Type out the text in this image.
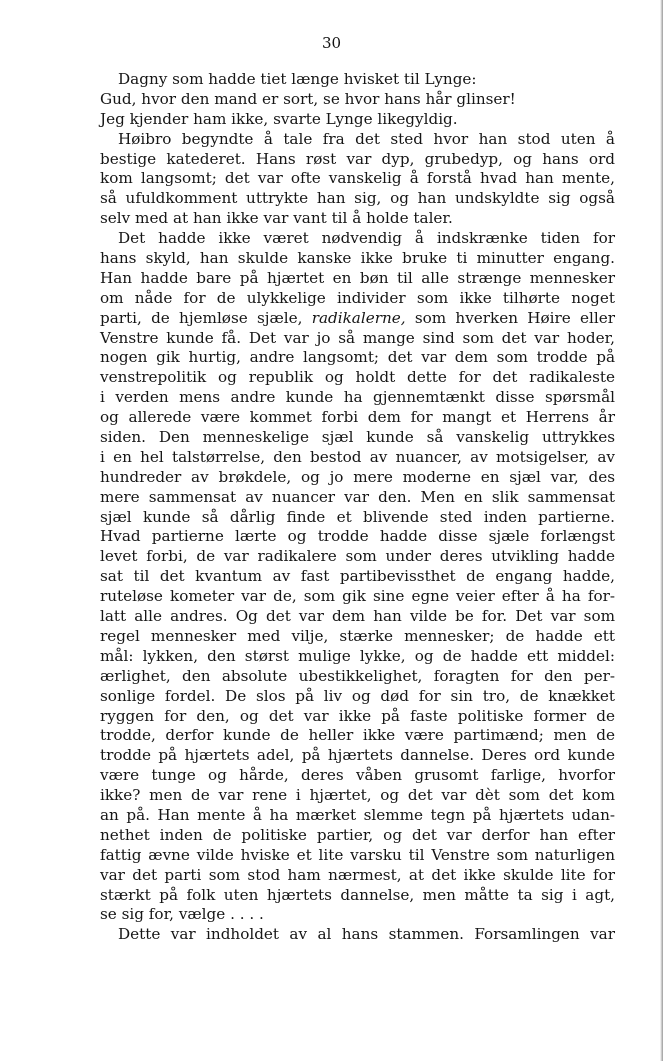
30
Dagny som hadde tiet længe hvisket til Lynge:
Gud, hvor den mand er sort, se hvor hans hår glinser!
Jeg kjender ham ikke, svarte Lynge likegyldig.
Høibro begyndte å tale fra det sted hvor han stod uten å
bestige katederet. Hans røst var dyp, grubedyp, og hans ord
kom langsomt; det var ofte vanskelig å forstå hvad han mente,
så ufuldkomment uttrykte han sig, og han undskyldte sig også
selv med at han ikke var vant til å holde taler.
Det hadde ikke været nødvendig å indskrænke tiden for
hans skyld, han skulde kanske ikke bruke ti minutter engang.
Han hadde bare på hjærtet en bøn til alle strænge mennesker
om nåde for de ulykkelige individer som ikke tilhørte noget
parti, de hjemløse sjæle, radikalerne, som hverken Høire eller
Venstre kunde få. Det var jo så mange sind som det var hoder,
nogen gik hurtig, andre langsomt; det var dem som trodde på
venstrepolitik og republik og holdt dette for det radikaleste
i verden mens andre kunde ha gjennemtænkt disse spørsmål
og allerede være kommet forbi dem for mangt et Herrens år
siden. Den menneskelige sjæl kunde så vanskelig uttrykkes
i en hel talstørrelse, den bestod av nuancer, av motsigelser, av
hundreder av brøkdele, og jo mere moderne en sjæl var, des
mere sammensat av nuancer var den. Men en slik sammensat
sjæl kunde så dårlig finde et blivende sted inden partierne.
Hvad partierne lærte og trodde hadde disse sjæle forlængst
levet forbi, de var radikalere som under deres utvikling hadde
sat til det kvantum av fast partibevissthet de engang hadde,
ruteløse kometer var de, som gik sine egne veier efter å ha for-
latt alle andres. Og det var dem han vilde be for. Det var som
regel mennesker med vilje, stærke mennesker; de hadde ett
mål: lykken, den størst mulige lykke, og de hadde ett middel:
ærlighet, den absolute ubestikkelighet, foragten for den per-
sonlige fordel. De slos på liv og død for sin tro, de knækket
ryggen for den, og det var ikke på faste politiske former de
trodde, derfor kunde de heller ikke være partimænd; men de
trodde på hjærtets adel, på hjærtets dannelse. Deres ord kunde
være tunge og hårde, deres våben grusomt farlige, hvorfor
ikke? men de var rene i hjærtet, og det var dèt som det kom
an på. Han mente å ha mærket slemme tegn på hjærtets udan-
nethet inden de politiske partier, og det var derfor han efter
fattig ævne vilde hviske et lite varsku til Venstre som naturligen
var det parti som stod ham nærmest, at det ikke skulde lite for
stærkt på folk uten hjærtets dannelse, men måtte ta sig i agt,
se sig for, vælge . . . .
Dette var indholdet av al hans stammen. Forsamlingen var
